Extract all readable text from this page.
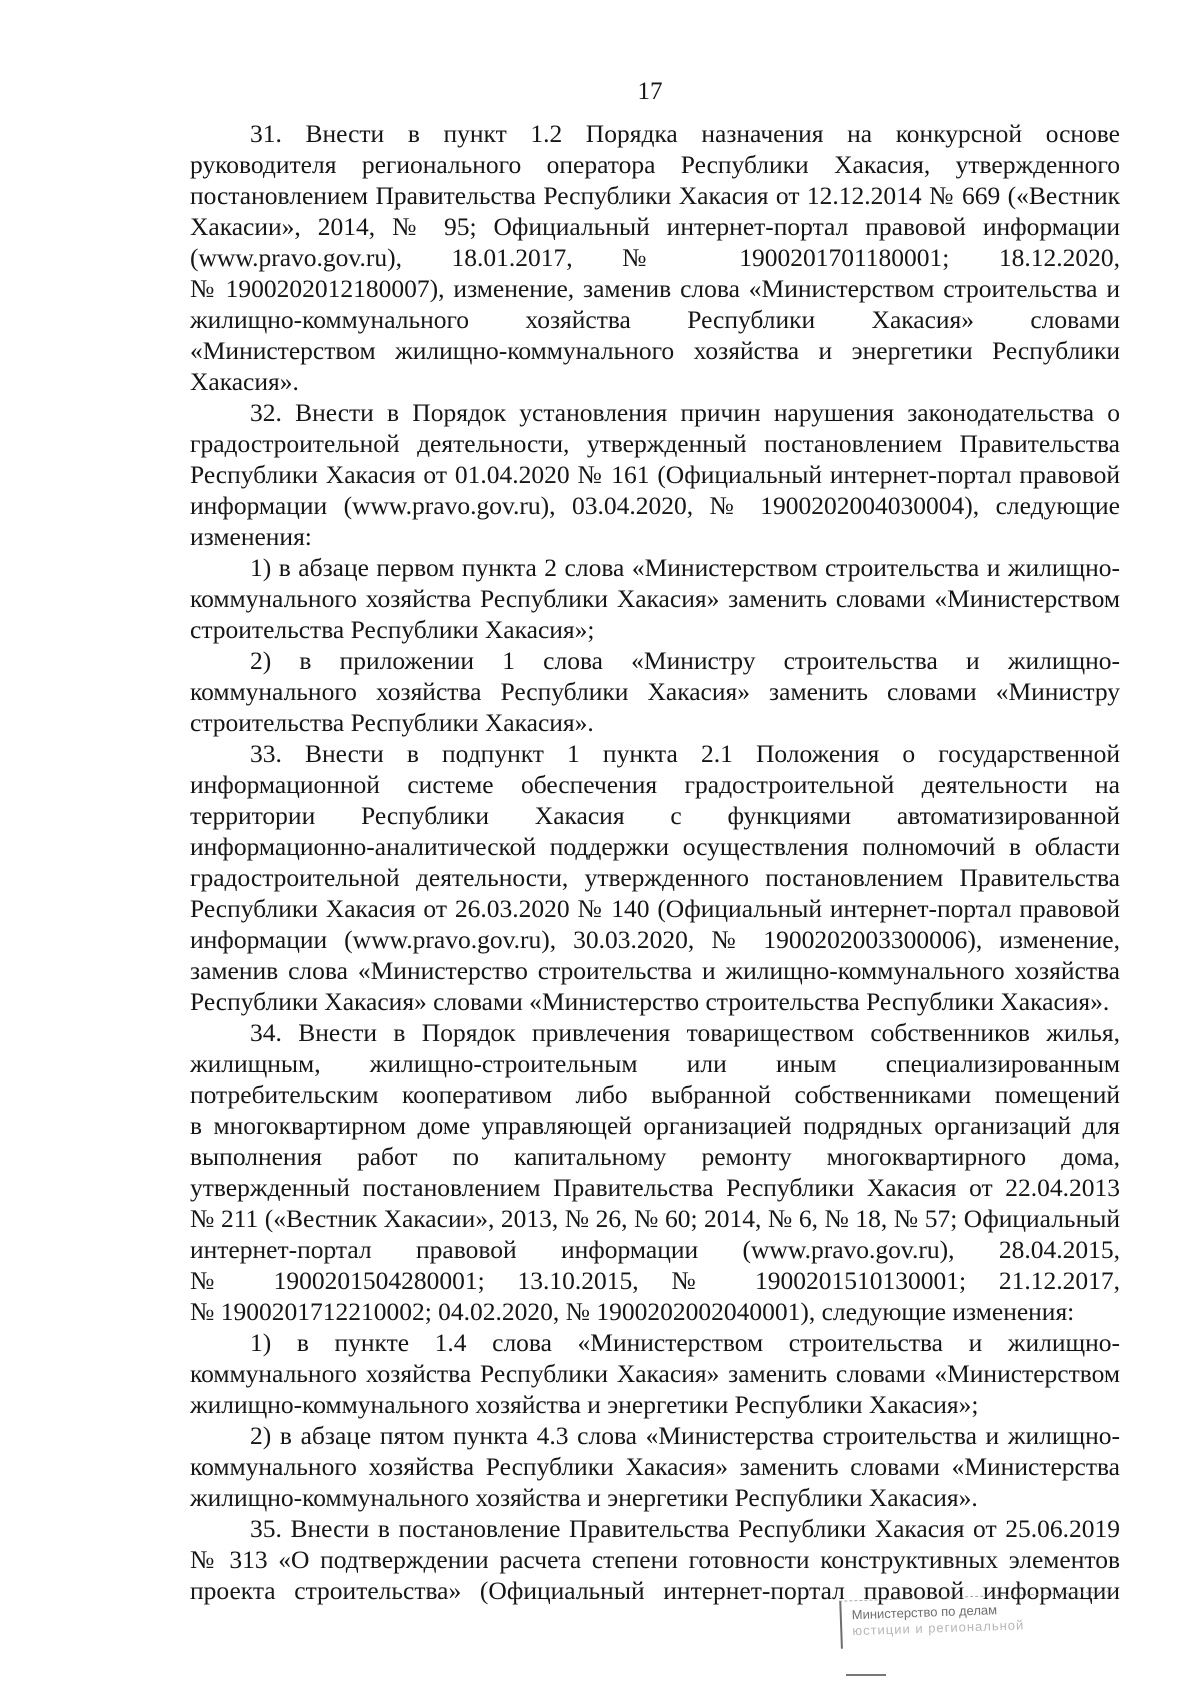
17
31. Внести в пункт 1.2 Порядка назначения на конкурсной основе
руководителя регионального оператора Республики Хакасия, утвержденного
постановлением Правительства Республики Хакасия от 12.12.2014 № 669 («Вестник
Хакасии», 2014, № 95; Официальный интернет-портал правовой информации
(www.pravo.gov.ru), 18.01.2017, № 1900201701180001; 18.12.2020,
№ 1900202012180007), изменение, заменив слова «Министерством строительства и
жилищно-коммунального хозяйства Республики Хакасия» словами
«Министерством жилищно-коммунального хозяйства и энергетики Республики
Хакасия».
32. Внести в Порядок установления причин нарушения законодательства о
градостроительной деятельности, утвержденный постановлением Правительства
Республики Хакасия от 01.04.2020 № 161 (Официальный интернет-портал правовой
информации (www.pravo.gov.ru), 03.04.2020, № 1900202004030004), следующие
изменения:
1) в абзаце первом пункта 2 слова «Министерством строительства и жилищно-
коммунального хозяйства Республики Хакасия» заменить словами «Министерством
строительства Республики Хакасия»;
2) в приложении 1 слова «Министру строительства и жилищно-
коммунального хозяйства Республики Хакасия» заменить словами «Министру
строительства Республики Хакасия».
33. Внести в подпункт 1 пункта 2.1 Положения о государственной
информационной системе обеспечения градостроительной деятельности на
территории Республики Хакасия с функциями автоматизированной
информационно-аналитической поддержки осуществления полномочий в области
градостроительной деятельности, утвержденного постановлением Правительства
Республики Хакасия от 26.03.2020 № 140 (Официальный интернет-портал правовой
информации (www.pravo.gov.ru), 30.03.2020, № 1900202003300006), изменение,
заменив слова «Министерство строительства и жилищно-коммунального хозяйства
Республики Хакасия» словами «Министерство строительства Республики Хакасия».
34. Внести в Порядок привлечения товариществом собственников жилья,
жилищным, жилищно-строительным или иным специализированным
потребительским кооперативом либо выбранной собственниками помещений
в многоквартирном доме управляющей организацией подрядных организаций для
выполнения работ по капитальному ремонту многоквартирного дома,
утвержденный постановлением Правительства Республики Хакасия от 22.04.2013
№ 211 («Вестник Хакасии», 2013, № 26, № 60; 2014, № 6, № 18, № 57; Официальный
интернет-портал правовой информации (www.pravo.gov.ru), 28.04.2015,
№ 1900201504280001; 13.10.2015, № 1900201510130001; 21.12.2017,
№ 1900201712210002; 04.02.2020, № 1900202002040001), следующие изменения:
1) в пункте 1.4 слова «Министерством строительства и жилищно-
коммунального хозяйства Республики Хакасия» заменить словами «Министерством
жилищно-коммунального хозяйства и энергетики Республики Хакасия»;
2) в абзаце пятом пункта 4.3 слова «Министерства строительства и жилищно-
коммунального хозяйства Республики Хакасия» заменить словами «Министерства
жилищно-коммунального хозяйства и энергетики Республики Хакасия».
35. Внести в постановление Правительства Республики Хакасия от 25.06.2019
№ 313 «О подтверждении расчета степени готовности конструктивных элементов
проекта строительства» (Официальный интернет-портал правовой информации
Министерство по делам
юстиции и региональной
